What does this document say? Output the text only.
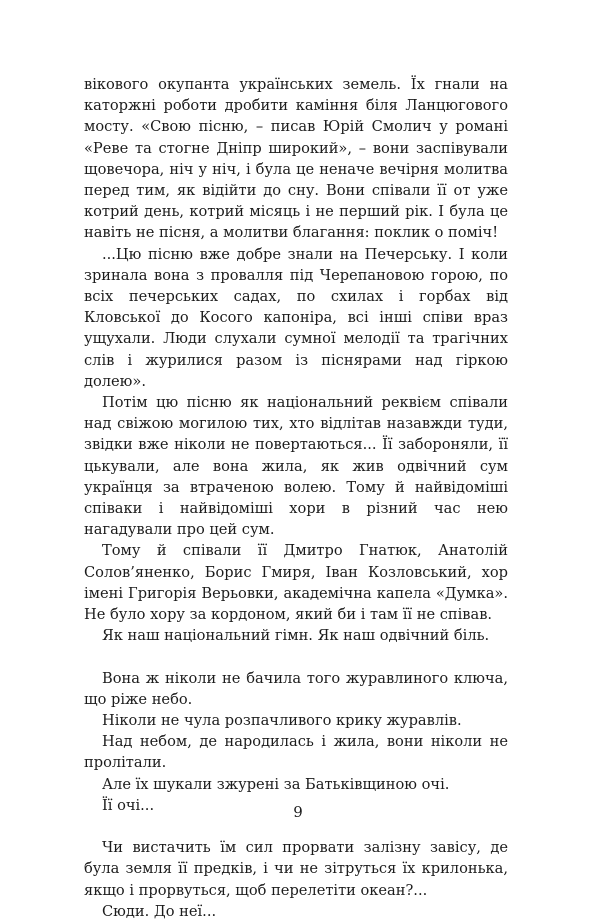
вікового окупанта українських земель. Їх гнали на каторжні роботи дробити каміння біля Ланцюгового мосту. «Свою пісню, – писав Юрій Смолич у романі «Реве та стогне Дніпр широкий», – вони заспівували щовечора, ніч у ніч, і була це неначе вечірня молитва перед тим, як відійти до сну. Вони співали її от уже котрий день, котрий місяць і не перший рік. І була це навіть не пісня, а молитви благання: поклик о поміч!

...Цю пісню вже добре знали на Печерську. І коли зринала вона з провалля під Черепановою горою, по всіх печерських садах, по схилах і горбах від Кловської до Косого капоніра, всі інші співи враз ущухали. Люди слухали сумної мелодії та трагічних слів і журилися разом із піснярами над гіркою долею».

Потім цю пісню як національний реквієм співали над свіжою могилою тих, хто відлітав назавжди туди, звідки вже ніколи не повертаються... Її забороняли, її цькували, але вона жила, як жив одвічний сум українця за втраченою волею. Тому й найвідоміші співаки і найвідоміші хори в різний час нею нагадували про цей сум.

Тому й співали її Дмитро Гнатюк, Анатолій Солов’яненко, Борис Гмиря, Іван Козловський, хор імені Григорія Верьовки, академічна капела «Думка». Не було хору за кордоном, який би і там її не співав.

Як наш національний гімн. Як наш одвічний біль.

Вона ж ніколи не бачила того журавлиного ключа, що ріже небо.

Ніколи не чула розпачливого крику журавлів.

Над небом, де народилась і жила, вони ніколи не пролітали.

Але їх шукали зжурені за Батьківщиною очі.

Її очі...

Чи вистачить їм сил прорвати залізну завісу, де була земля її предків, і чи не зітруться їх крилонька, якщо і прорвуться, щоб перелетіти океан?...

Сюди. До неї...

9
